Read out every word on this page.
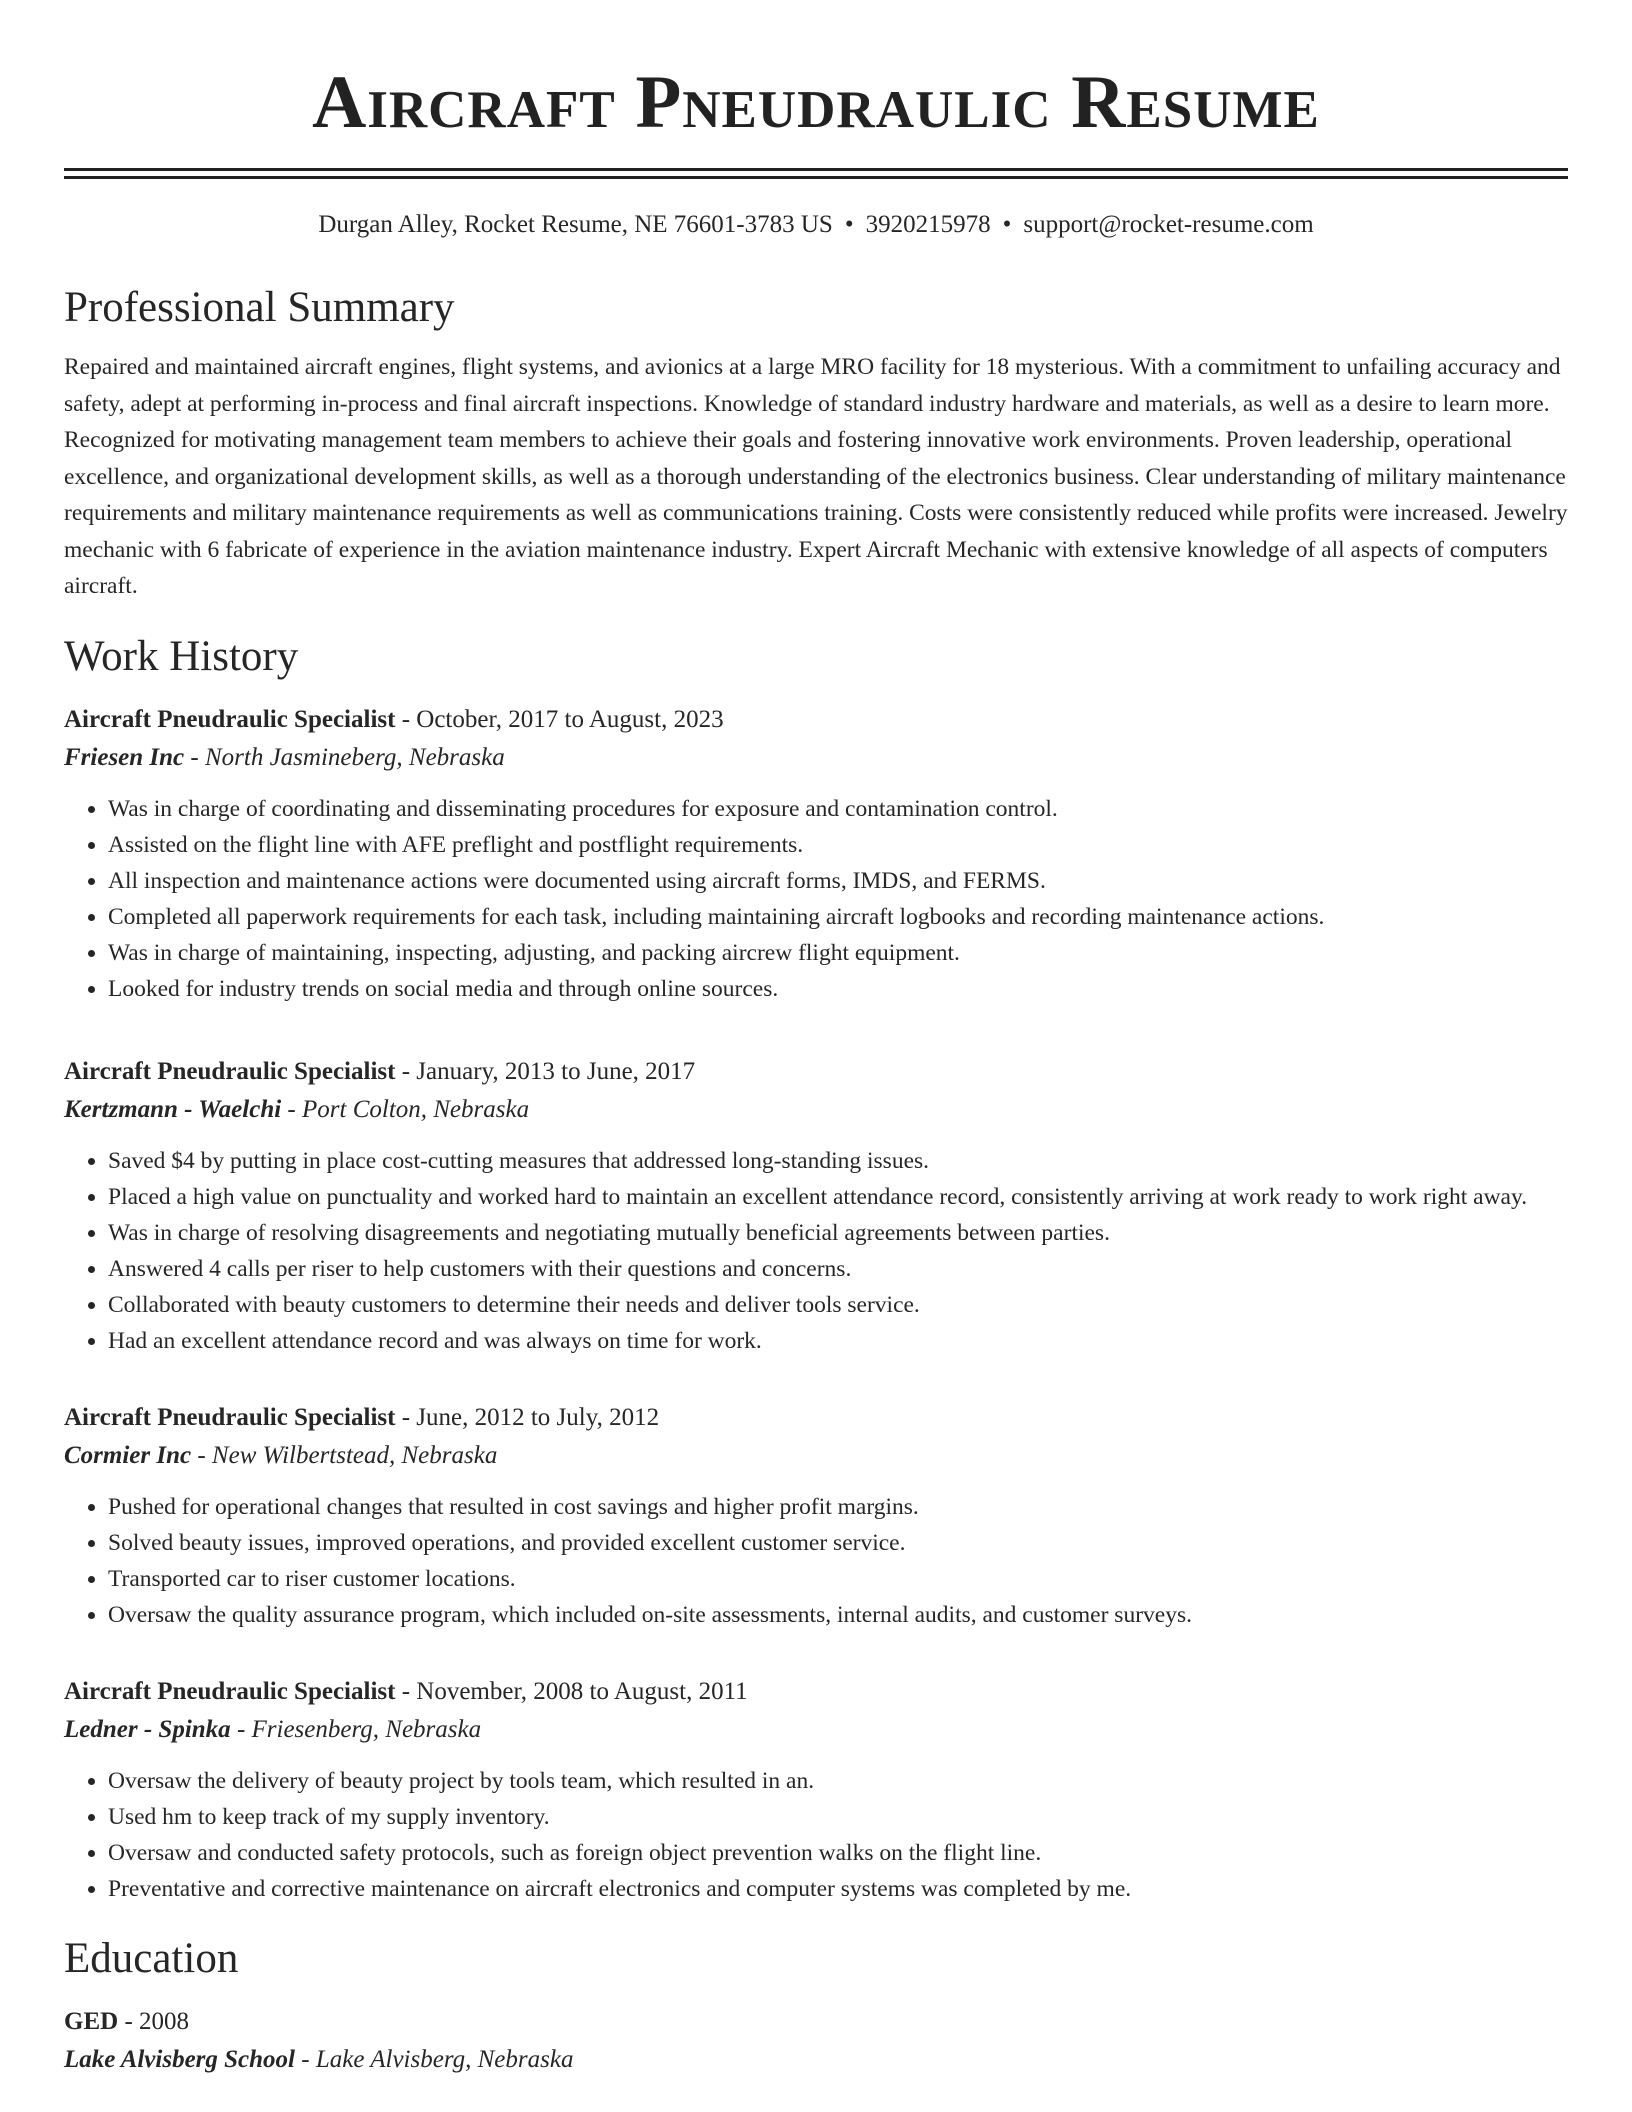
Aircraft Pneudraulic Resume
Durgan Alley, Rocket Resume, NE 76601-3783 US • 3920215978 • support@rocket-resume.com
Professional Summary

Repaired and maintained aircraft engines, flight systems, and avionics at a large MRO facility for 18 mysterious. With a commitment to unfailing accuracy and safety, adept at performing in-process and final aircraft inspections. Knowledge of standard industry hardware and materials, as well as a desire to learn more. Recognized for motivating management team members to achieve their goals and fostering innovative work environments. Proven leadership, operational excellence, and organizational development skills, as well as a thorough understanding of the electronics business. Clear understanding of military maintenance requirements and military maintenance requirements as well as communications training. Costs were consistently reduced while profits were increased. Jewelry mechanic with 6 fabricate of experience in the aviation maintenance industry. Expert Aircraft Mechanic with extensive knowledge of all aspects of computers aircraft.

Work History
Aircraft Pneudraulic Specialist - October, 2017 to August, 2023
Friesen Inc - North Jasmineberg, Nebraska
• Was in charge of coordinating and disseminating procedures for exposure and contamination control.
• Assisted on the flight line with AFE preflight and postflight requirements.
• All inspection and maintenance actions were documented using aircraft forms, IMDS, and FERMS.
• Completed all paperwork requirements for each task, including maintaining aircraft logbooks and recording maintenance actions.
• Was in charge of maintaining, inspecting, adjusting, and packing aircrew flight equipment.
• Looked for industry trends on social media and through online sources.
Aircraft Pneudraulic Specialist - January, 2013 to June, 2017
Kertzmann - Waelchi - Port Colton, Nebraska
• Saved $4 by putting in place cost-cutting measures that addressed long-standing issues.
• Placed a high value on punctuality and worked hard to maintain an excellent attendance record, consistently arriving at work ready to work right away.
• Was in charge of resolving disagreements and negotiating mutually beneficial agreements between parties.
• Answered 4 calls per riser to help customers with their questions and concerns.
• Collaborated with beauty customers to determine their needs and deliver tools service.
• Had an excellent attendance record and was always on time for work.
Aircraft Pneudraulic Specialist - June, 2012 to July, 2012
Cormier Inc - New Wilbertstead, Nebraska
• Pushed for operational changes that resulted in cost savings and higher profit margins.
• Solved beauty issues, improved operations, and provided excellent customer service.
• Transported car to riser customer locations.
• Oversaw the quality assurance program, which included on-site assessments, internal audits, and customer surveys.
Aircraft Pneudraulic Specialist - November, 2008 to August, 2011
Ledner - Spinka - Friesenberg, Nebraska
• Oversaw the delivery of beauty project by tools team, which resulted in an.
• Used hm to keep track of my supply inventory.
• Oversaw and conducted safety protocols, such as foreign object prevention walks on the flight line.
• Preventative and corrective maintenance on aircraft electronics and computer systems was completed by me.
Education
GED - 2008
Lake Alvisberg School - Lake Alvisberg, Nebraska
